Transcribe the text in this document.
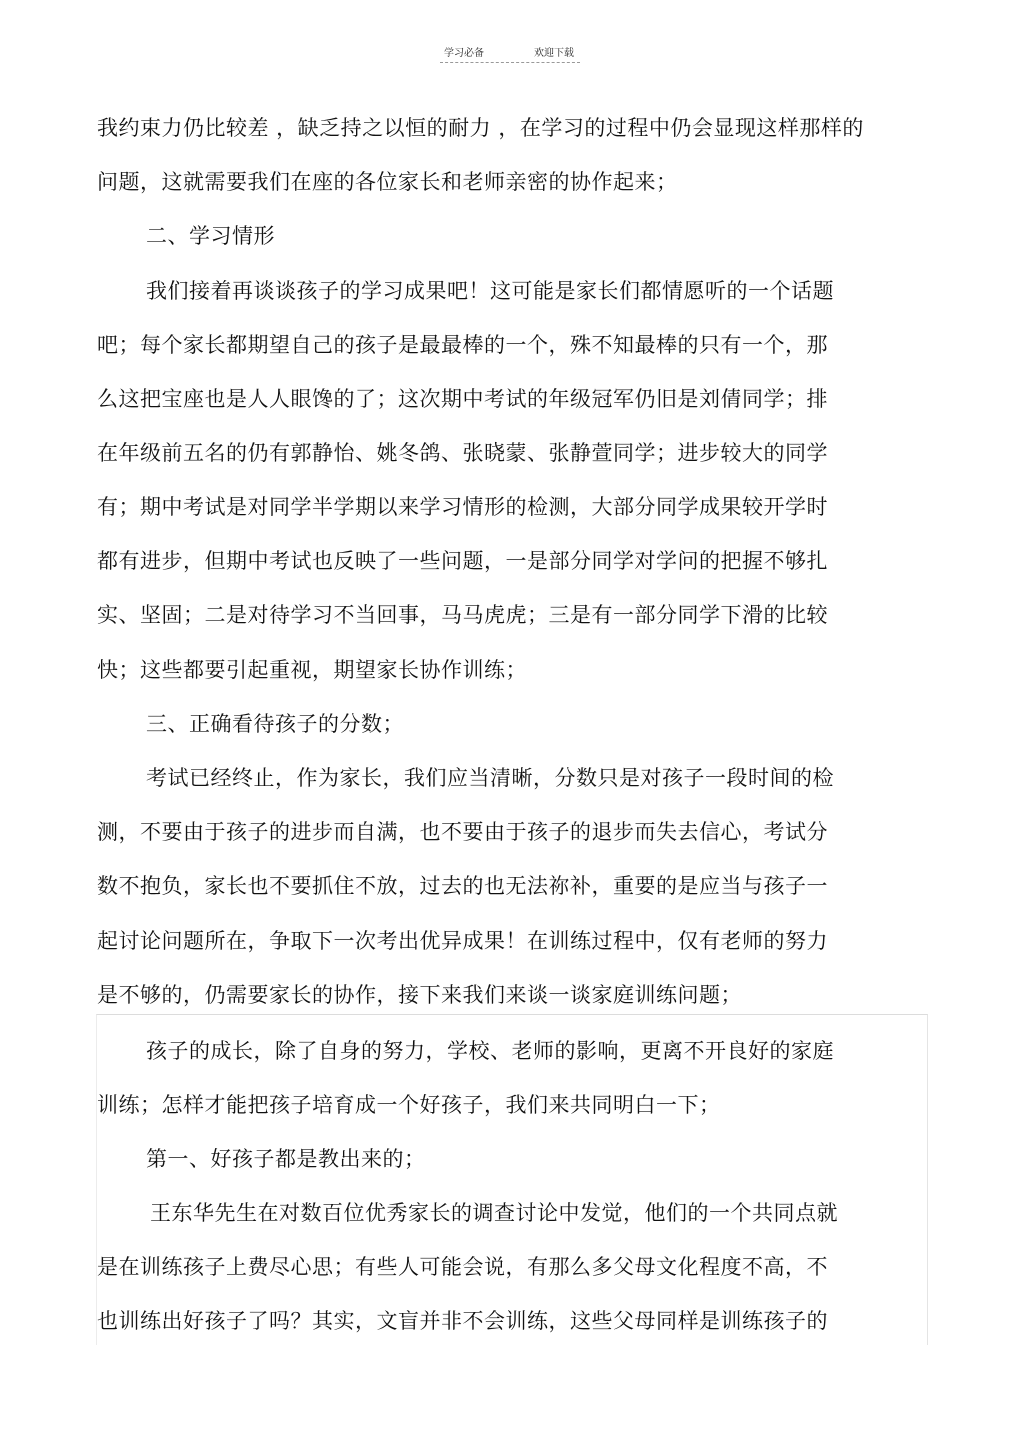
学习必备	欢迎下载
我约束力仍比较差 ，缺乏持之以恒的耐力 ，在学习的过程中仍会显现这样那样的
问题，这就需要我们在座的各位家长和老师亲密的协作起来；
二、学习情形
我们接着再谈谈孩子的学习成果吧！这可能是家长们都情愿听的一个话题
吧；每个家长都期望自己的孩子是最最棒的一个，殊不知最棒的只有一个，那
么这把宝座也是人人眼馋的了；这次期中考试的年级冠军仍旧是刘倩同学；排
在年级前五名的仍有郭静怡、姚冬鸽、张晓蒙、张静萱同学；进步较大的同学
有；期中考试是对同学半学期以来学习情形的检测，大部分同学成果较开学时
都有进步，但期中考试也反映了一些问题，一是部分同学对学问的把握不够扎
实、坚固；二是对待学习不当回事，马马虎虎；三是有一部分同学下滑的比较
快；这些都要引起重视，期望家长协作训练；
三、正确看待孩子的分数；
考试已经终止，作为家长，我们应当清晰，分数只是对孩子一段时间的检
测，不要由于孩子的进步而自满，也不要由于孩子的退步而失去信心，考试分
数不抱负，家长也不要抓住不放，过去的也无法祢补，重要的是应当与孩子一
起讨论问题所在，争取下一次考出优异成果！在训练过程中，仅有老师的努力
是不够的，仍需要家长的协作，接下来我们来谈一谈家庭训练问题；
孩子的成长，除了自身的努力，学校、老师的影响，更离不开良好的家庭
训练；怎样才能把孩子培育成一个好孩子，我们来共同明白一下；
第一、好孩子都是教出来的；
王东华先生在对数百位优秀家长的调查讨论中发觉，他们的一个共同点就
是在训练孩子上费尽心思；有些人可能会说，有那么多父母文化程度不高，不
也训练出好孩子了吗？其实，文盲并非不会训练，这些父母同样是训练孩子的
